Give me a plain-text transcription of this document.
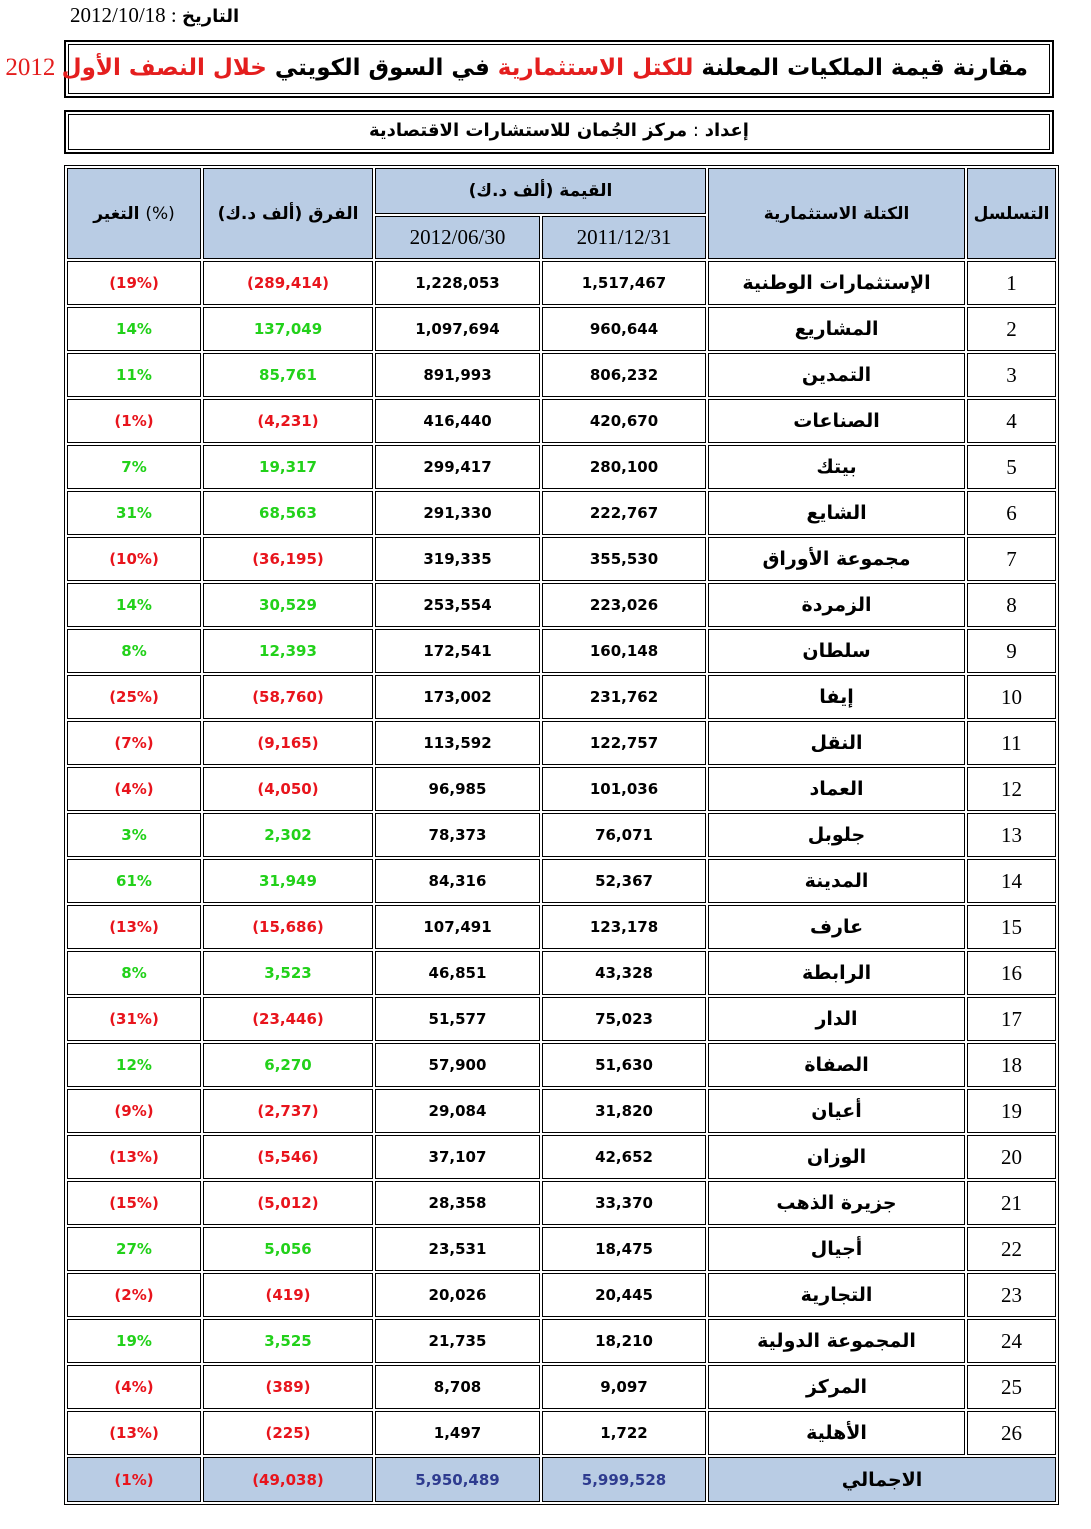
2012/10/18 : التاريخ
مقارنة قيمة الملكيات المعلنة للكتل الاستثمارية في السوق الكويتي خلال النصف الأول 2012
إعداد : مركز الجُمان للاستشارات الاقتصادية
التغير (%)	الفرق (ألف د.ك)	القيمة (ألف د.ك)		الكتلة الاستثمارية	التسلسل
		2012/06/30	2011/12/31		
(19%)	(289,414)	1,228,053	1,517,467	الإستثمارات الوطنية	1
14%	137,049	1,097,694	960,644	المشاريع	2
11%	85,761	891,993	806,232	التمدين	3
(1%)	(4,231)	416,440	420,670	الصناعات	4
7%	19,317	299,417	280,100	بيتك	5
31%	68,563	291,330	222,767	الشايع	6
(10%)	(36,195)	319,335	355,530	مجموعة الأوراق	7
14%	30,529	253,554	223,026	الزمردة	8
8%	12,393	172,541	160,148	سلطان	9
(25%)	(58,760)	173,002	231,762	إيفا	10
(7%)	(9,165)	113,592	122,757	النقل	11
(4%)	(4,050)	96,985	101,036	العماد	12
3%	2,302	78,373	76,071	جلوبل	13
61%	31,949	84,316	52,367	المدينة	14
(13%)	(15,686)	107,491	123,178	عارف	15
8%	3,523	46,851	43,328	الرابطة	16
(31%)	(23,446)	51,577	75,023	الدار	17
12%	6,270	57,900	51,630	الصفاة	18
(9%)	(2,737)	29,084	31,820	أعيان	19
(13%)	(5,546)	37,107	42,652	الوزان	20
(15%)	(5,012)	28,358	33,370	جزيرة الذهب	21
27%	5,056	23,531	18,475	أجيال	22
(2%)	(419)	20,026	20,445	التجارية	23
19%	3,525	21,735	18,210	المجموعة الدولية	24
(4%)	(389)	8,708	9,097	المركز	25
(13%)	(225)	1,497	1,722	الأهلية	26
(1%)	(49,038)	5,950,489	5,999,528	الاجمالي	
